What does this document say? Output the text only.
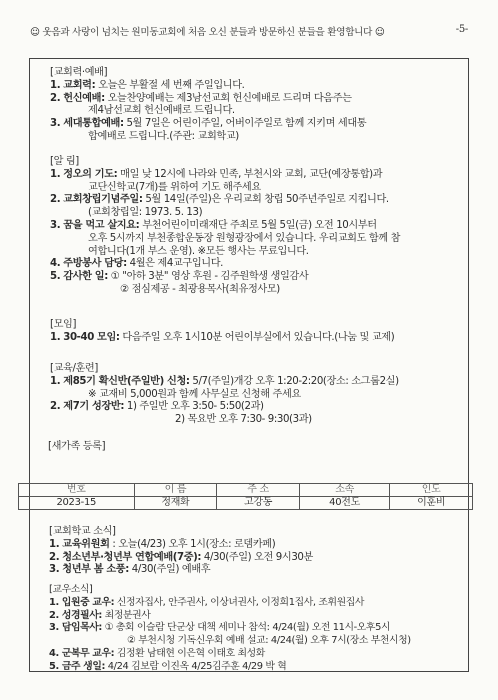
☺ 웃음과 사랑이 넘치는 원미동교회에 처음 오신 분들과 방문하신 분들을 환영합니다 ☺	-5-
[교회력·예배]
1. 교회력: 오늘은 부활절 세 번째 주일입니다.
2. 헌신예배: 오늘찬양예배는 제3남선교회 헌신예배로 드리며 다음주는
제4남선교회 헌신예배로 드립니다.
3. 세대통합예배: 5월 7일은 어린이주일, 어버이주일로 함께 지키며 세대통
합예배로 드립니다.(주관: 교회학교)
[알 림]
1. 정오의 기도: 매일 낮 12시에 나라와 민족, 부천시와 교회, 교단(예장통합)과
교단신학교(7개)를 위하여 기도 해주세요
2. 교회창립기념주일: 5월 14일(주일)은 우리교회 창립 50주년주일로 지킵니다.
(교회창립일: 1973. 5. 13)
3. 꿈을 먹고 살지요: 부천어린이미래재단 주최로 5월 5일(금) 오전 10시부터
오후 5시까지 부천종합운동장 원형광장에서 있습니다. 우리교회도 함께 참
여합니다(1개 부스 운영). ※모든 행사는 무료입니다.
4. 주방봉사 담당: 4월은 제4교구입니다.
5. 감사한 일: ① "아하 3분" 영상 후원 - 김주원학생 생일감사
② 점심제공 - 최광용목사(최유정사모)
[모임]
1. 30-40 모임: 다음주일 오후 1시10분 어린이부실에서 있습니다.(나눔 및 교제)
[교육/훈련]
1. 제85기 확신반(주일반) 신청: 5/7(주일)개강 오후 1:20-2:20(장소: 소그룹2실)
※ 교재비 5,000원과 함께 사무실로 신청해 주세요
2. 제7기 성장반: 1) 주일반 오후 3:50- 5:50(2과)
2) 목요반 오후 7:30- 9:30(3과)
[새가족 등록]
번호	이 름	주 소	소속	인도
2023-15	정재화	고강동	40전도	이훈비
[교회학교 소식]
1. 교육위원회 : 오늘(4/23) 오후 1시(장소: 로뎀카페)
2. 청소년부·청년부 연합예배(7중): 4/30(주일) 오전 9시30분
3. 청년부 봄 소풍: 4/30(주일) 예배후
[교우소식]
1. 입원중 교우: 신정자집사, 안주권사, 이상녀권사, 이정희1집사, 조휘원집사
2. 성경필사: 최정분권사
3. 담임목사: ① 총회 이슬람 단군상 대책 세미나 참석: 4/24(월) 오전 11시-오후5시
② 부천시청 기독신우회 예배 설교: 4/24(월) 오후 7시(장소 부천시청)
4. 군복무 교우: 김정환 남태현 이은혁 이태호 최성화
5. 금주 생일: 4/24 김보람 이진옥 4/25김주훈 4/29 박 혁
